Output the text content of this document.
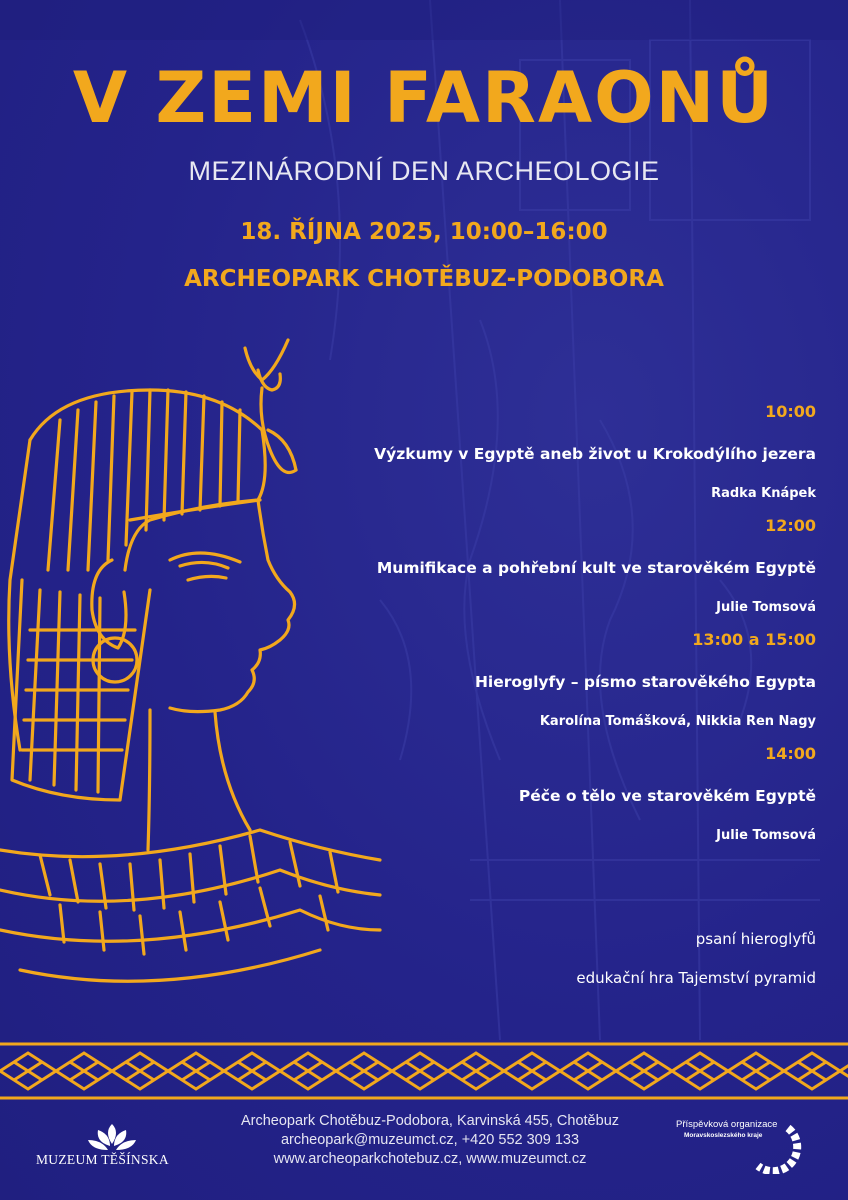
V ZEMI FARAONŮ
MEZINÁRODNÍ DEN ARCHEOLOGIE
18. ŘÍJNA 2025, 10:00–16:00
ARCHEOPARK CHOTĚBUZ-PODOBORA
10:00
Výzkumy v Egyptě aneb život u Krokodýlího jezera
Radka Knápek
12:00
Mumifikace a pohřební kult ve starověkém Egyptě
Julie Tomsová
13:00 a 15:00
Hieroglyfy – písmo starověkého Egypta
Karolína Tomášková, Nikkia Ren Nagy
14:00
Péče o tělo ve starověkém Egyptě
Julie Tomsová
psaní hieroglyfů
edukační hra Tajemství pyramid
MUZEUM TĚŠÍNSKA
Archeopark Chotěbuz-Podobora, Karvinská 455, Chotěbuz
archeopark@muzeumct.cz, +420 552 309 133
www.archeoparkchotebuz.cz, www.muzeumct.cz
Příspěvková organizace
Moravskoslezského kraje
